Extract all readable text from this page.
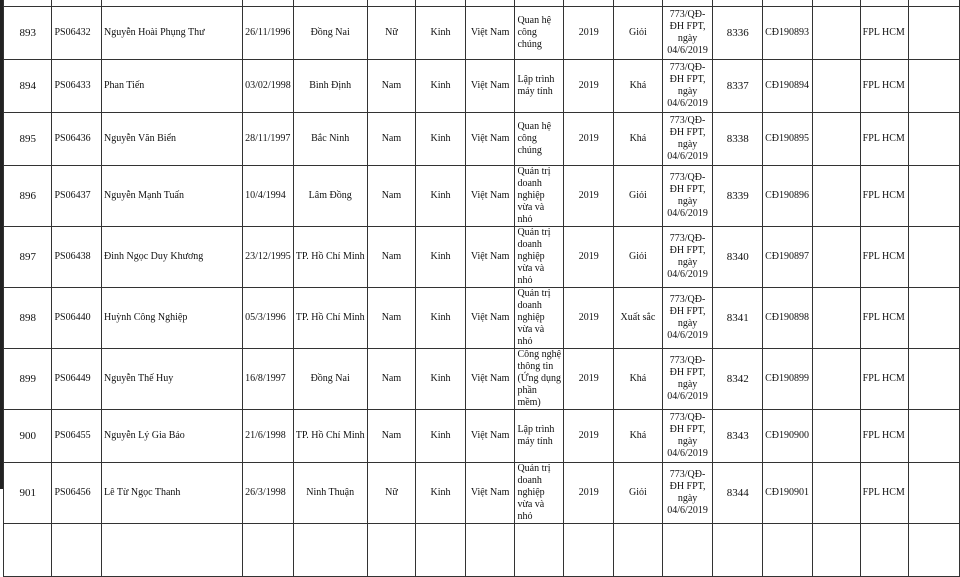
893	PS06432	Nguyễn Hoài Phụng Thư	26/11/1996	Đồng Nai	Nữ	Kinh	Việt Nam	Quan hệ công chúng	2019	Giỏi	773/QĐ-ĐH FPT, ngày 04/6/2019	8336	CĐ190893		FPL HCM	
894	PS06433	Phan Tiến	03/02/1998	Bình Định	Nam	Kinh	Việt Nam	Lập trình máy tính	2019	Khá	773/QĐ-ĐH FPT, ngày 04/6/2019	8337	CĐ190894		FPL HCM	
895	PS06436	Nguyễn Văn Biển	28/11/1997	Bắc Ninh	Nam	Kinh	Việt Nam	Quan hệ công chúng	2019	Khá	773/QĐ-ĐH FPT, ngày 04/6/2019	8338	CĐ190895		FPL HCM	
896	PS06437	Nguyễn Mạnh Tuấn	10/4/1994	Lâm Đồng	Nam	Kinh	Việt Nam	Quản trị doanh nghiệp vừa và nhỏ	2019	Giỏi	773/QĐ-ĐH FPT, ngày 04/6/2019	8339	CĐ190896		FPL HCM	
897	PS06438	Đinh Ngọc Duy Khương	23/12/1995	TP. Hồ Chí Minh	Nam	Kinh	Việt Nam	Quản trị doanh nghiệp vừa và nhỏ	2019	Giỏi	773/QĐ-ĐH FPT, ngày 04/6/2019	8340	CĐ190897		FPL HCM	
898	PS06440	Huỳnh Công Nghiệp	05/3/1996	TP. Hồ Chí Minh	Nam	Kinh	Việt Nam	Quản trị doanh nghiệp vừa và nhỏ	2019	Xuất sắc	773/QĐ-ĐH FPT, ngày 04/6/2019	8341	CĐ190898		FPL HCM	
899	PS06449	Nguyễn Thế Huy	16/8/1997	Đồng Nai	Nam	Kinh	Việt Nam	Công nghệ thông tin (Ứng dụng phần mềm)	2019	Khá	773/QĐ-ĐH FPT, ngày 04/6/2019	8342	CĐ190899		FPL HCM	
900	PS06455	Nguyễn Lý Gia Bảo	21/6/1998	TP. Hồ Chí Minh	Nam	Kinh	Việt Nam	Lập trình máy tính	2019	Khá	773/QĐ-ĐH FPT, ngày 04/6/2019	8343	CĐ190900		FPL HCM	
901	PS06456	Lê Từ Ngọc Thanh	26/3/1998	Ninh Thuận	Nữ	Kinh	Việt Nam	Quản trị doanh nghiệp vừa và nhỏ	2019	Giỏi	773/QĐ-ĐH FPT, ngày 04/6/2019	8344	CĐ190901		FPL HCM	
